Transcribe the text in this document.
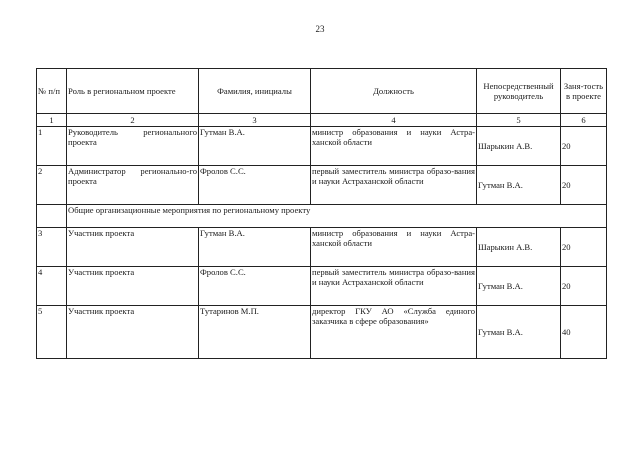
23
№ п/п	Роль в региональном проекте	Фамилия, инициалы	Должность	Непосредственный руководитель	Заня-тость в проекте
1	2	3	4	5	6
1	Руководитель регионального проекта	Гутман В.А.	министр образования и науки Астра-ханской области	Шарыкин А.В.	20
2	Администратор регионально-го проекта	Фролов С.С.	первый заместитель министра образо-вания и науки Астраханской области	Гутман В.А.	20
	Общие организационные мероприятия по региональному проекту				
3	Участник проекта	Гутман В.А.	министр образования и науки Астра-ханской области	Шарыкин А.В.	20
4	Участник проекта	Фролов С.С.	первый заместитель министра образо-вания и науки Астраханской области	Гутман В.А.	20
5	Участник проекта	Тутаринов М.П.	директор ГКУ АО «Служба единого заказчика в сфере образования»	Гутман В.А.	40
